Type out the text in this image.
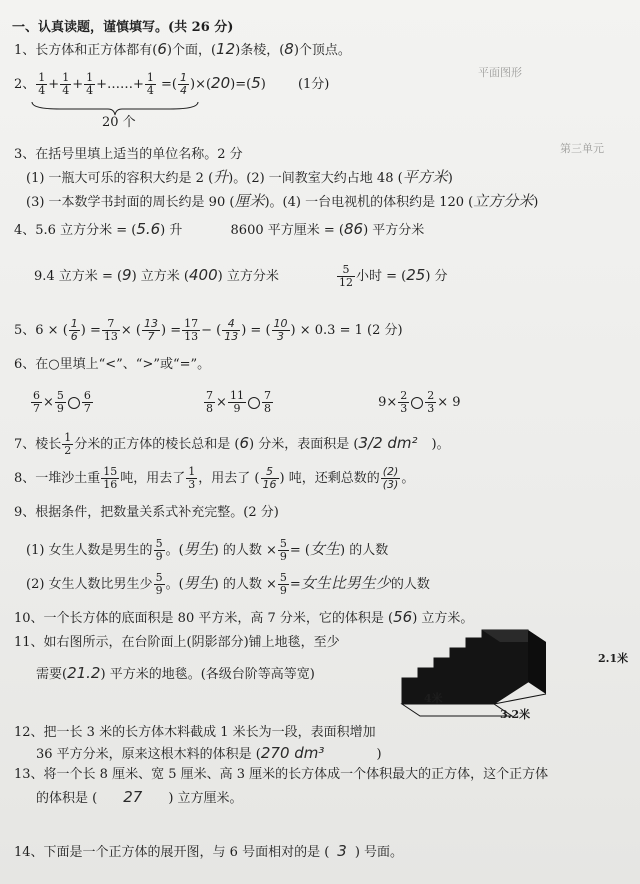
平面图形
第三单元
一、认真读题，谨慎填写。(共 26 分)
1、长方体和正方体都有(6)个面，(12)条棱，(8)个顶点。
2、 $\frac{1}{4} + \frac{1}{4} + \frac{1}{4}$ +……+ $\frac{1}{4}$ =( $\frac{1}{4} )\times(20)=(5)$ (1分)
20 个
3、在括号里填上适当的单位名称。2 分
(1) 一瓶大可乐的容积大约是 2 (升)。(2) 一间教室大约占地 48 (平方米)
(3) 一本数学书封面的周长约是 90 (厘米)。(4) 一台电视机的体积约是 120 (立方分米)
4、5.6 立方分米 = (5.6) 升	8600 平方厘米 = (86) 平方分米
9.4 立方米 = (9) 立方米 (400) 立方分米	$\frac{5}{12}$ 小时 = (25) 分
5、6 × ( $\frac{1}{6}$ ) = $\frac{7}{13}$ × ( $\frac{13}{7}$ ) = $\frac{17}{13}$ − ( $\frac{4}{13}$ ) = ( $\frac{10}{3}$ ) × 0.3 = 1 (2 分)
6、在○里填上“<”、“>”或“=”。
$\frac{6}{7} \times \frac{5}{9} \frac{6}{7}$
	$\frac{7}{8} \times \frac{11}{9} \frac{7}{8}$	$9\times \frac{2}{3} \frac{2}{3} \times 9$
7、棱长 $\frac{1}{2}$ 分米的正方体的棱长总和是 (6) 分米，表面积是 (3/2 dm² )。
8、一堆沙土重 $\frac{15}{16}$ 吨，用去了 $\frac{1}{3}$ ，用去了 ( $\frac{5}{16}$ ) 吨，还剩总数的 $\frac{(2)}{(3)}$ 。
9、根据条件，把数量关系式补充完整。(2 分)
(1) 女生人数是男生的 $\frac{5}{9}$ 。(男生) 的人数 × $\frac{5}{9}$ = (女生) 的人数
(2) 女生人数比男生少 $\frac{5}{9}$ 。(男生) 的人数 × $\frac{5}{9}$ =女生比男生少的人数
10、一个长方体的底面积是 80 平方米，高 7 分米，它的体积是 (56) 立方米。
11、如右图所示，在台阶面上(阴影部分)铺上地毯，至少
需要(21.2) 平方米的地毯。(各级台阶等高等宽)
2.1米
4米
3.2米
12、把一长 3 米的长方体木料截成 1 米长为一段，表面积增加
36 平方分米，原来这根木料的体积是 (270 dm³	)
13、将一个长 8 厘米、宽 5 厘米、高 3 厘米的长方体成一个体积最大的正方体，这个正方体
的体积是 ( 27 ) 立方厘米。
14、下面是一个正方体的展开图，与 6 号面相对的是 ( 3 ) 号面。
